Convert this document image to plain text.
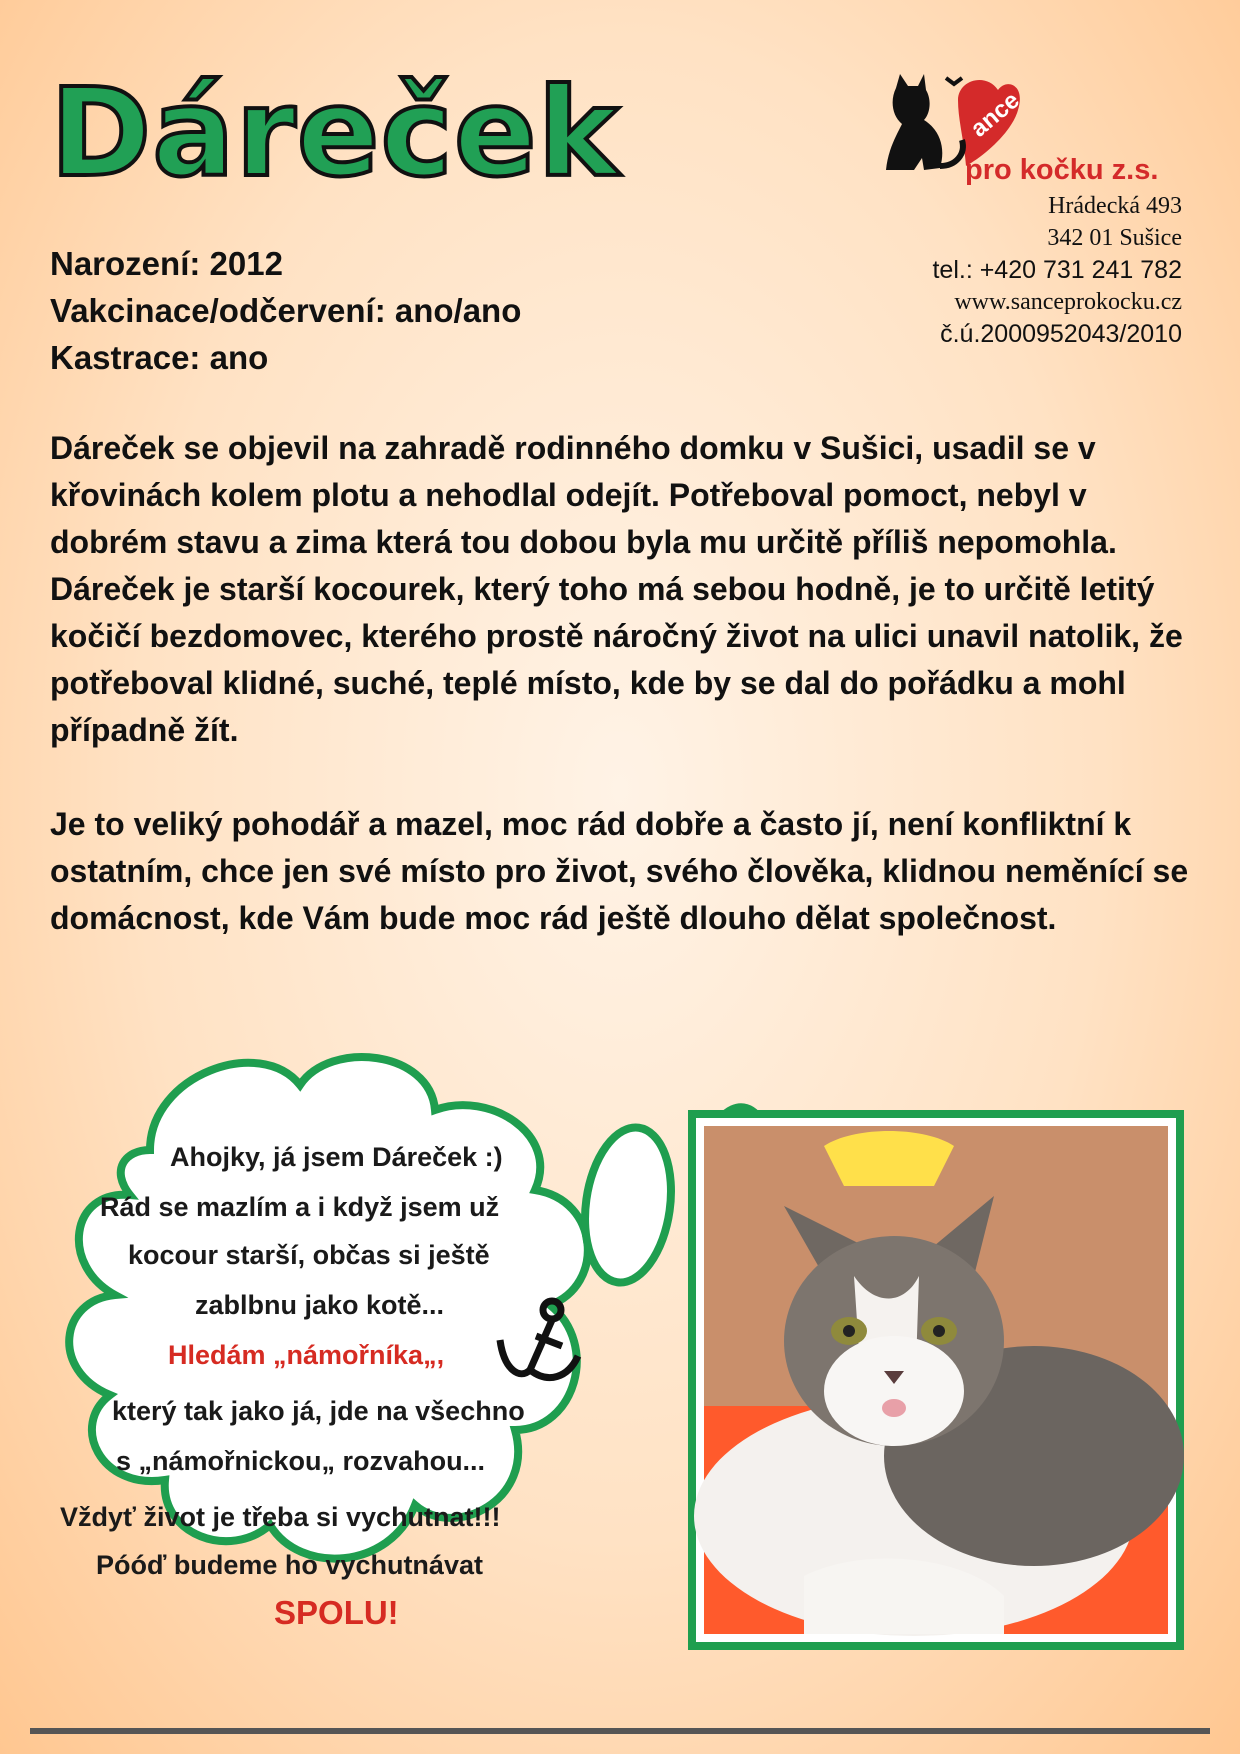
Dáreček	ance
pro kočku z.s.
Hrádecká 493
342 01 Sušice
tel.: +420 731 241 782
www.sanceprokocku.cz
č.ú.2000952043/2010
Narození: 2012
Vakcinace/odčervení: ano/ano
Kastrace: ano

Dáreček se objevil na zahradě rodinného domku v Sušici, usadil se v křovinách kolem plotu a nehodlal odejít. Potřeboval pomoct, nebyl v dobrém stavu a zima která tou dobou byla mu určitě příliš nepomohla.

Dáreček je starší kocourek, který toho má sebou hodně, je to určitě letitý kočičí bezdomovec, kterého prostě náročný život na ulici unavil natolik, že potřeboval klidné, suché, teplé místo, kde by se dal do pořádku a mohl případně žít.

Je to veliký pohodář a mazel, moc rád dobře a často jí, není konfliktní k ostatním, chce jen své místo pro život, svého člověka, klidnou neměnící se domácnost, kde Vám bude moc rád ještě dlouho dělat společnost.

Ahojky, já jsem Dáreček :)
Rád se mazlím a i když jsem už
kocour starší, občas si ještě
zablbnu jako kotě...
Hledám „námořníka„,
který tak jako já, jde na všechno
s „námořnickou„ rozvahou...
Vždyť život je třeba si vychutnat!!!
Póóď budeme ho vychutnávat
SPOLU!
